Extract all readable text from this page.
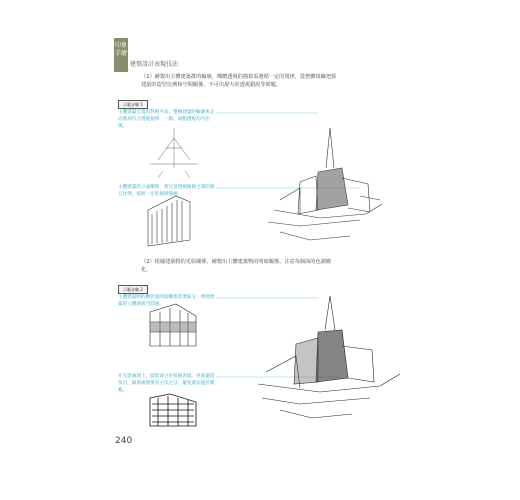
印象手繪
建築設計表現技法
（1）繪製出主體建築群的輪廓，構體透視的描寫需遵循一定的規律，從整體組織把握建築的造型比例和空間關係，不可出現大的透視錯誤等問題。
示範步驟 1
主體建築呈現為對稱平面，整棟建築的輪廓與走向都須符合透視規律，一點、兩點透視均可出現。
主體建築的立面關係，要注意透視線條之間的相互比例，按照一定的規律描繪。
（2）根據建築物的光影關係，繪製出主體建築物的明暗關係，注意每個面的色調變化。
示範步驟 2
主體建築物的轉折面明暗關係需要區分，增強建築的立體感與空間感。
在光影處理上，陰影部分用排線表現，亮部適當留白，細節處理要有主次之分，避免畫面過於雜亂。
240
